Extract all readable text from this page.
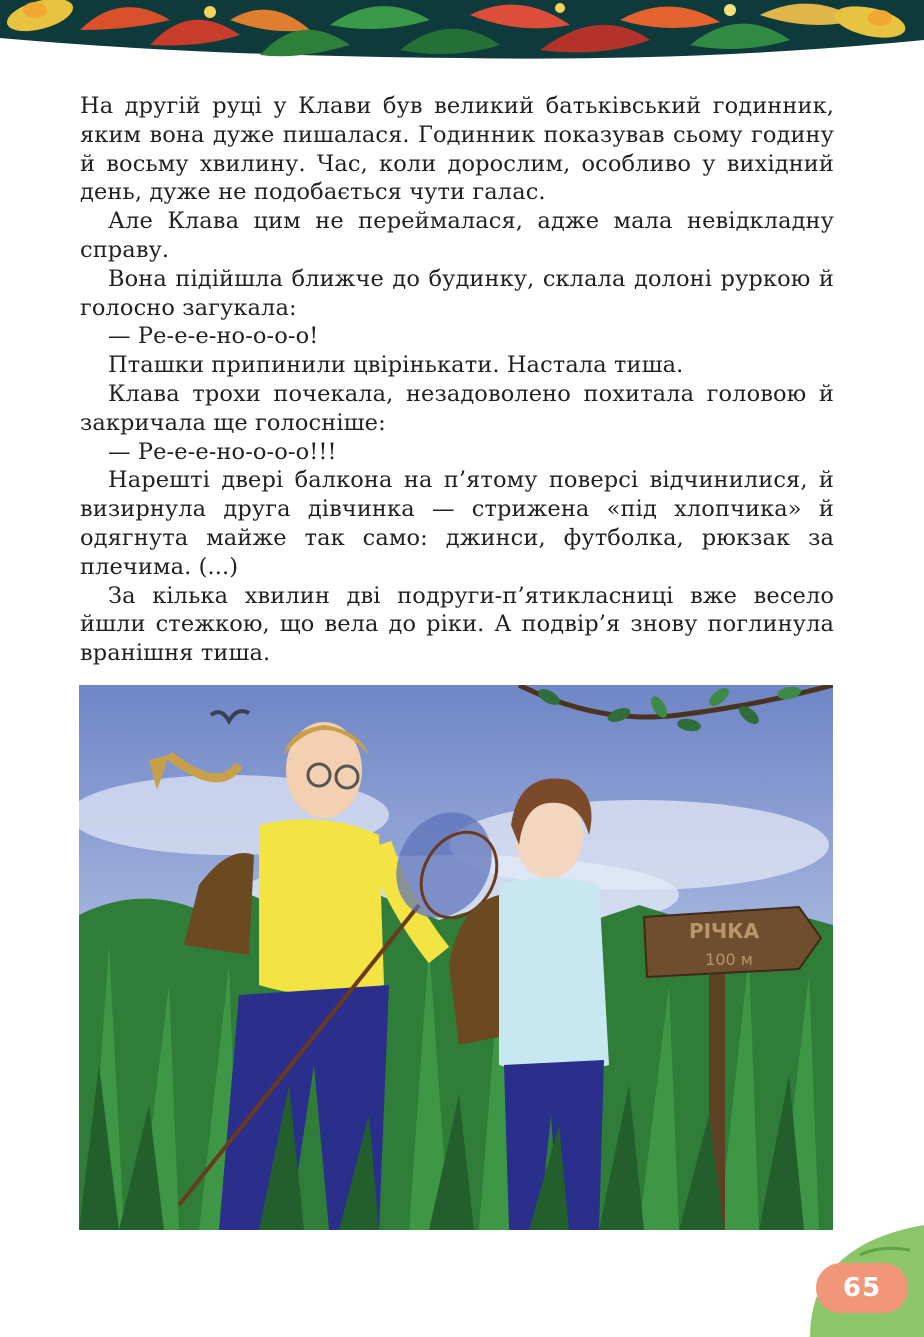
На другій руці у Клави був великий батьківський годинник, яким вона дуже пишалася. Годинник показував сьому годину й восьму хвилину. Час, коли дорослим, особливо у вихідний день, дуже не подобається чути галас.

Але Клава цим не переймалася, адже мала невідкладну справу.

Вона підійшла ближче до будинку, склала долоні руркою й голосно загукала:

— Ре-е-е-но-о-о-о!

Пташки припинили цвірінькати. Настала тиша.

Клава трохи почекала, незадоволено похитала головою й закричала ще голосніше:

— Ре-е-е-но-о-о-о!!!

Нарешті двері балкона на п’ятому поверсі відчинилися, й визирнула друга дівчинка — стрижена «під хлопчика» й одягнута майже так само: джинси, футболка, рюкзак за плечима. (...)

За кілька хвилин дві подруги-п’ятикласниці вже весело йшли стежкою, що вела до ріки. А подвір’я знову поглинула вранішня тиша.

РІЧКА
100 м
65
